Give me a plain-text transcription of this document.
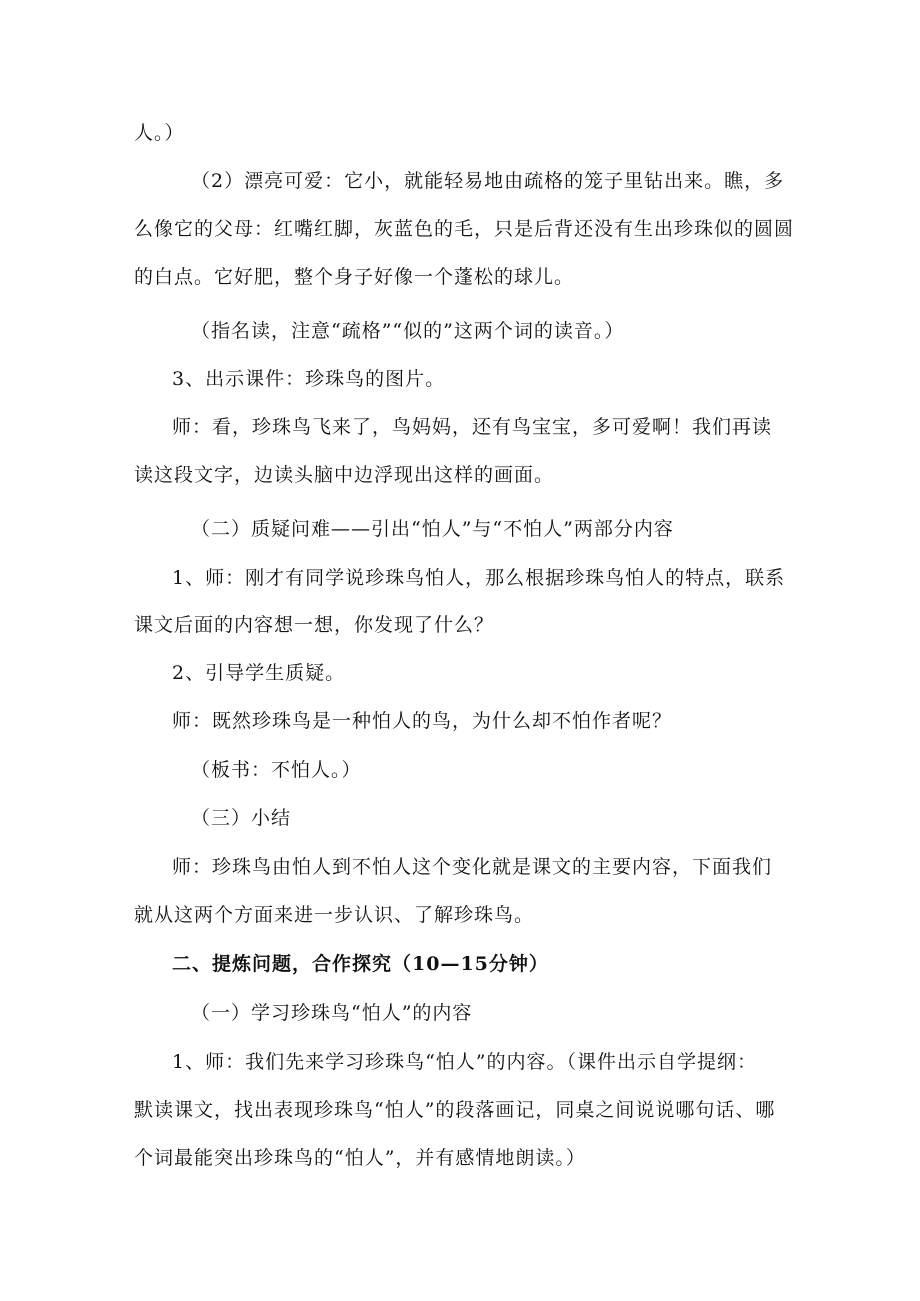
人。）
（2）漂亮可爱：它小，就能轻易地由疏格的笼子里钻出来。瞧，多
么像它的父母：红嘴红脚，灰蓝色的毛，只是后背还没有生出珍珠似的圆圆
的白点。它好肥，整个身子好像一个蓬松的球儿。
（指名读，注意“疏格”“似的”这两个词的读音。）
3、出示课件：珍珠鸟的图片。
师：看，珍珠鸟飞来了，鸟妈妈，还有鸟宝宝，多可爱啊！我们再读
读这段文字，边读头脑中边浮现出这样的画面。
（二）质疑问难——引出“怕人”与“不怕人”两部分内容
1、师：刚才有同学说珍珠鸟怕人，那么根据珍珠鸟怕人的特点，联系
课文后面的内容想一想，你发现了什么？
2、引导学生质疑。
师：既然珍珠鸟是一种怕人的鸟，为什么却不怕作者呢？
（板书：不怕人。）
（三）小结
师：珍珠鸟由怕人到不怕人这个变化就是课文的主要内容，下面我们
就从这两个方面来进一步认识、了解珍珠鸟。
二、提炼问题，合作探究（10—15分钟）
（一）学习珍珠鸟“怕人”的内容
1、师：我们先来学习珍珠鸟“怕人”的内容。（课件出示自学提纲：
默读课文，找出表现珍珠鸟“怕人”的段落画记，同桌之间说说哪句话、哪
个词最能突出珍珠鸟的“怕人”，并有感情地朗读。）
